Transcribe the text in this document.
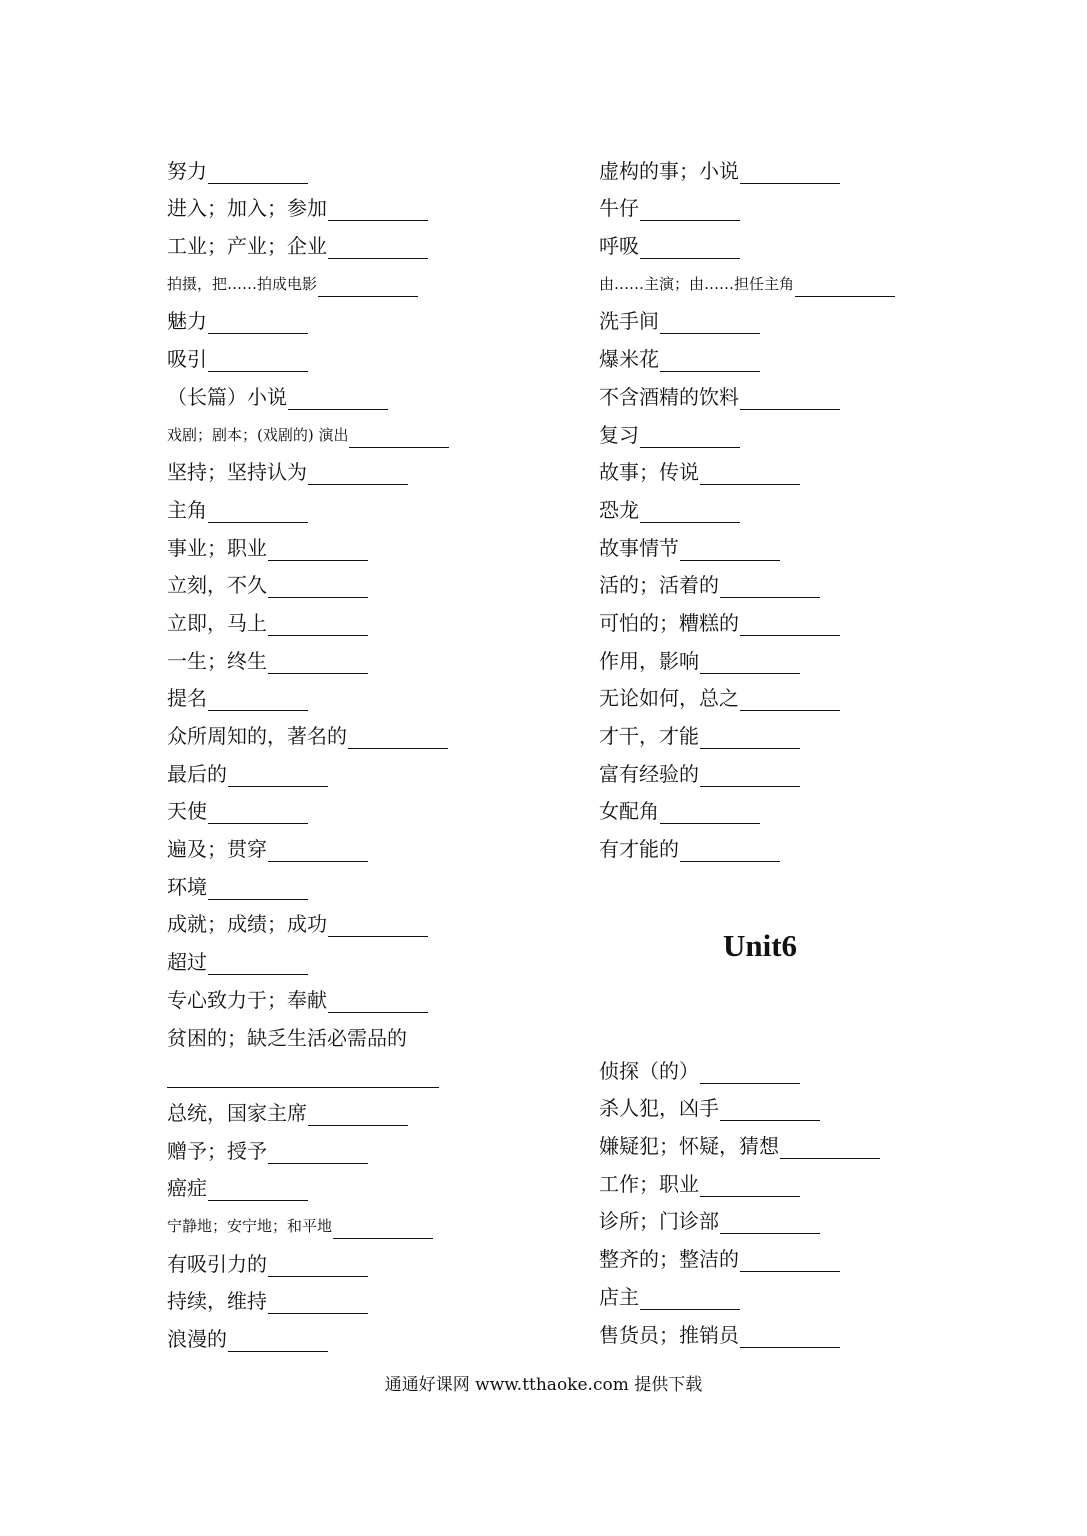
努力
进入；加入；参加
工业；产业；企业
拍摄，把……拍成电影
魅力
吸引
（长篇）小说
戏剧；剧本；(戏剧的) 演出
坚持；坚持认为
主角
事业；职业
立刻，不久
立即，马上
一生；终生
提名
众所周知的，著名的
最后的
天使
遍及；贯穿
环境
成就；成绩；成功
超过
专心致力于；奉献
贫困的；缺乏生活必需品的
总统，国家主席
赠予；授予
癌症
宁静地；安宁地；和平地
有吸引力的
持续，维持
浪漫的
虚构的事；小说
牛仔
呼吸
由……主演；由……担任主角
洗手间
爆米花
不含酒精的饮料
复习
故事；传说
恐龙
故事情节
活的；活着的
可怕的；糟糕的
作用，影响
无论如何，总之
才干，才能
富有经验的
女配角
有才能的
Unit6
侦探（的）
杀人犯，凶手
嫌疑犯；怀疑，猜想
工作；职业
诊所；门诊部
整齐的；整洁的
店主
售货员；推销员
通通好课网 www.tthaoke.com 提供下载
